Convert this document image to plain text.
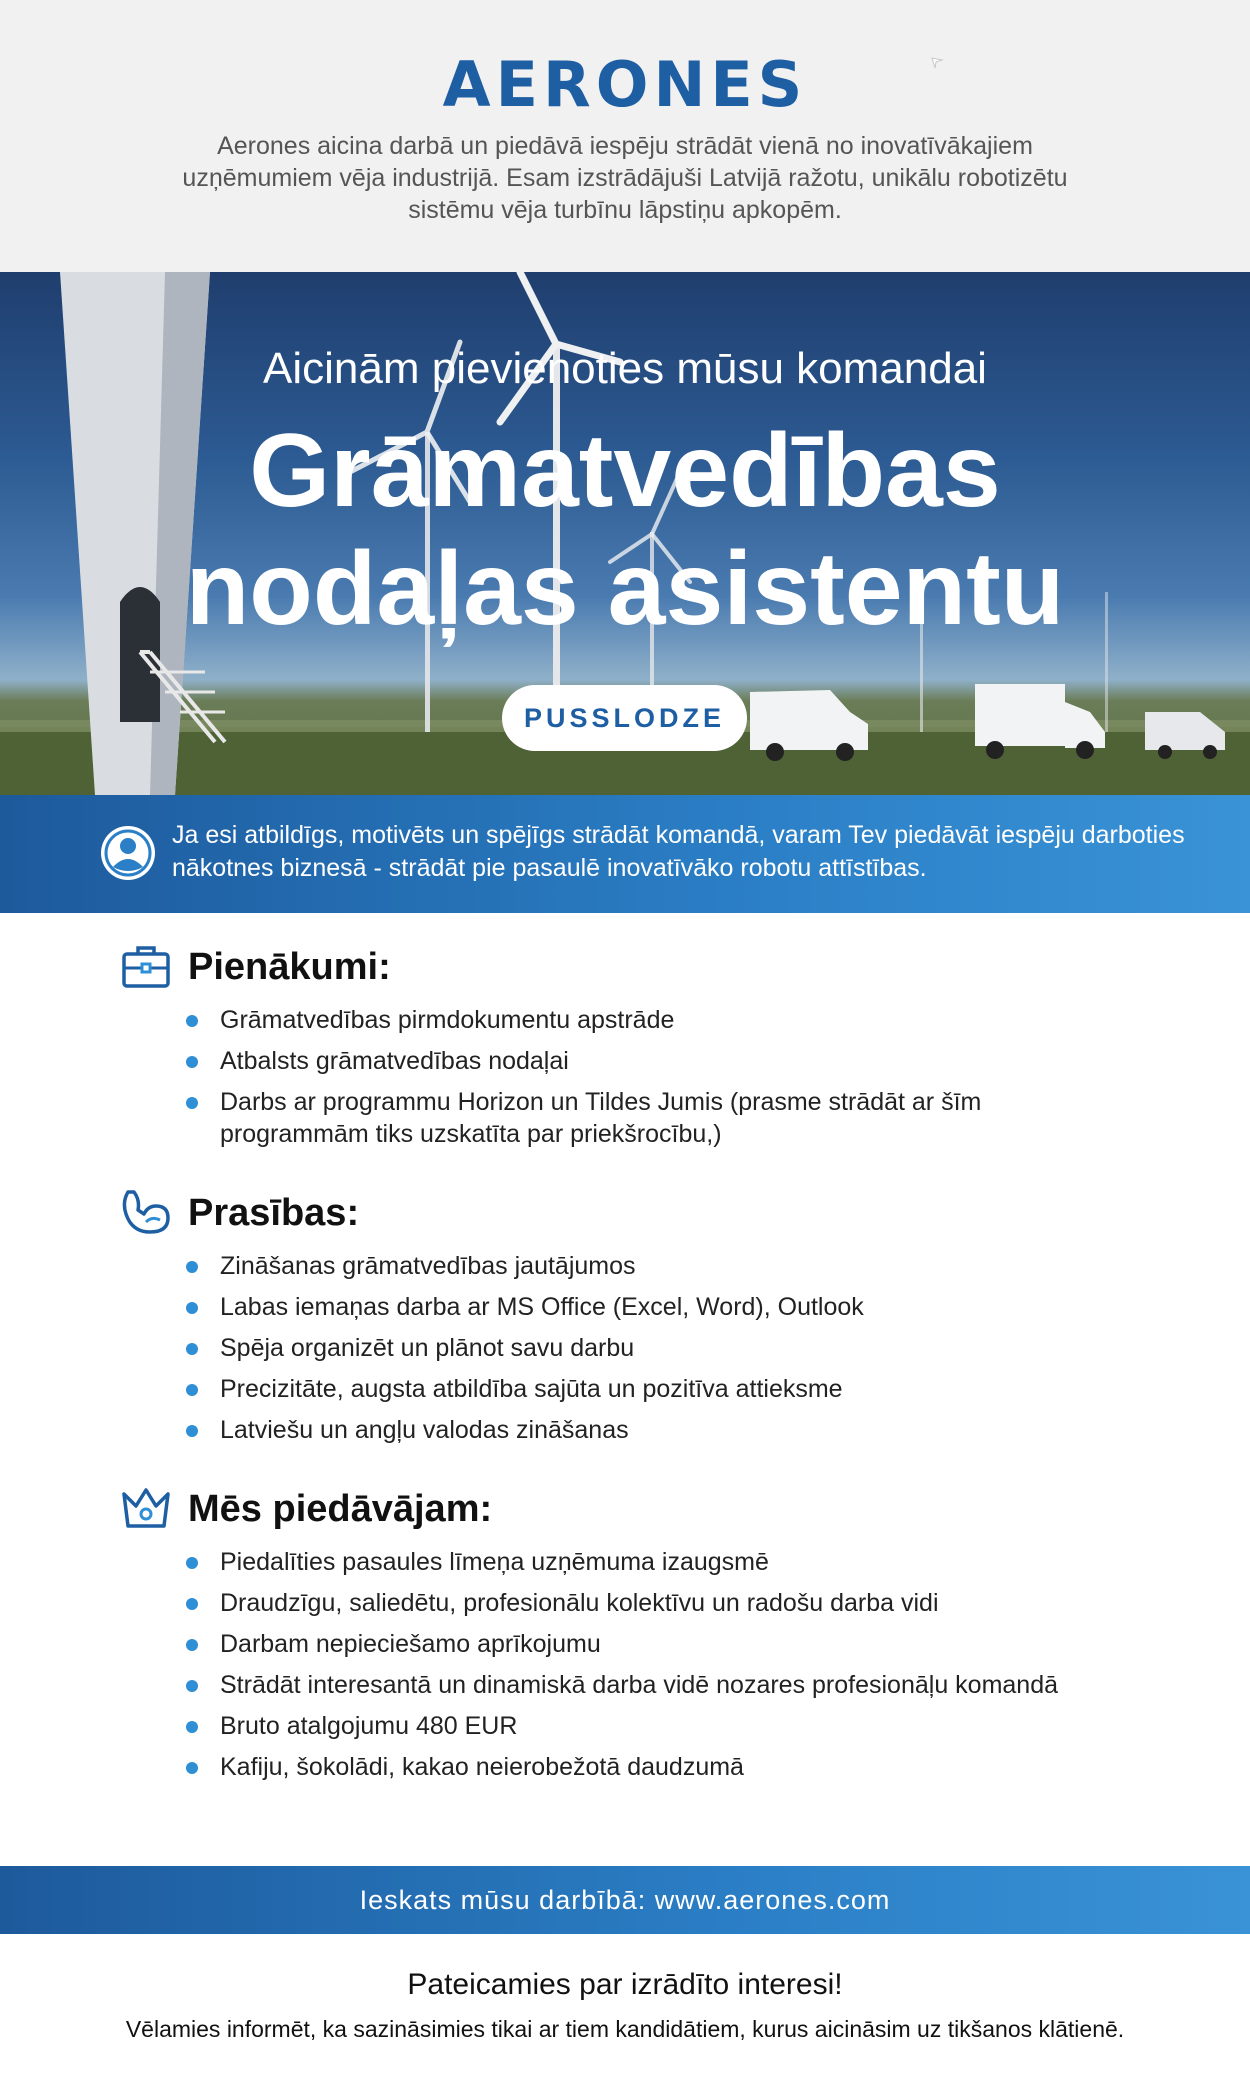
AERONES

Aerones aicina darbā un piedāvā iespēju strādāt vienā no inovatīvākajiem uzņēmumiem vēja industrijā. Esam izstrādājuši Latvijā ražotu, unikālu robotizētu sistēmu vēja turbīnu lāpstiņu apkopēm.

Aicinām pievienoties mūsu komandai
Grāmatvedības
nodaļas asistentu
PUSSLODZE

Ja esi atbildīgs, motivēts un spējīgs strādāt komandā, varam Tev piedāvāt iespēju darboties nākotnes biznesā - strādāt pie pasaulē inovatīvāko robotu attīstības.

Pienākumi:
Grāmatvedības pirmdokumentu apstrāde
Atbalsts grāmatvedības nodaļai
Darbs ar programmu Horizon un Tildes Jumis (prasme strādāt ar šīm programmām tiks uzskatīta par priekšrocību,)
Prasības:
Zināšanas grāmatvedības jautājumos
Labas iemaņas darba ar MS Office (Excel, Word), Outlook
Spēja organizēt un plānot savu darbu
Precizitāte, augsta atbildība sajūta un pozitīva attieksme
Latviešu un angļu valodas zināšanas
Mēs piedāvājam:
Piedalīties pasaules līmeņa uzņēmuma izaugsmē
Draudzīgu, saliedētu, profesionālu kolektīvu un radošu darba vidi
Darbam nepieciešamo aprīkojumu
Strādāt interesantā un dinamiskā darba vidē nozares profesionāļu komandā
Bruto atalgojumu 480 EUR
Kafiju, šokolādi, kakao neierobežotā daudzumā
Ieskats mūsu darbībā: www.aerones.com

Pateicamies par izrādīto interesi!

Vēlamies informēt, ka sazināsimies tikai ar tiem kandidātiem, kurus aicināsim uz tikšanos klātienē.
